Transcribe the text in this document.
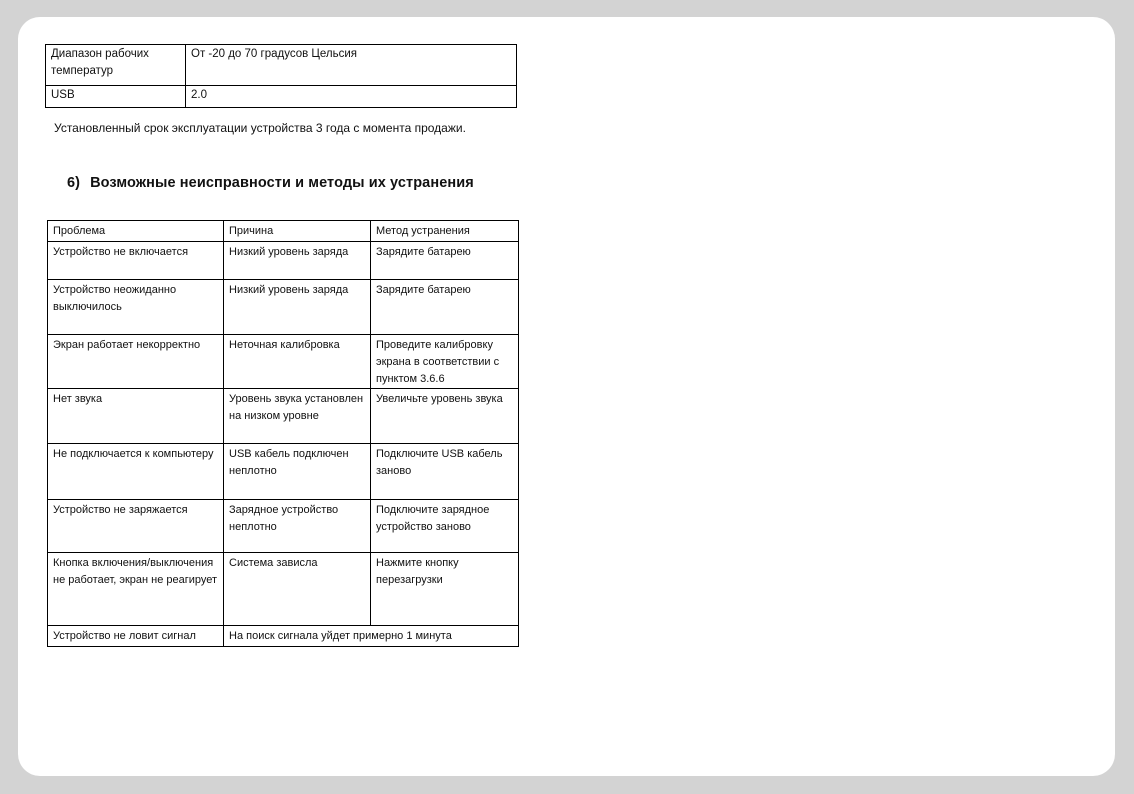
Диапазон рабочих температур	От -20 до 70 градусов Цельсия
USB	2.0

Установленный срок эксплуатации устройства 3 года с момента продажи.

6) Возможные неисправности и методы их устранения
Проблема	Причина	Метод устранения
Устройство не включается	Низкий уровень заряда	Зарядите батарею
Устройство неожиданно выключилось	Низкий уровень заряда	Зарядите батарею
Экран работает некорректно	Неточная калибровка	Проведите калибровку экрана в соответствии с пунктом 3.6.6
Нет звука	Уровень звука установлен на низком уровне	Увеличьте уровень звука
Не подключается к компьютеру	USB кабель подключен неплотно	Подключите USB кабель заново
Устройство не заряжается	Зарядное устройство неплотно	Подключите зарядное устройство заново
Кнопка включения/выключения не работает, экран не реагирует	Система зависла	Нажмите кнопку перезагрузки
Устройство не ловит сигнал	На поиск сигнала уйдет примерно 1 минута	
